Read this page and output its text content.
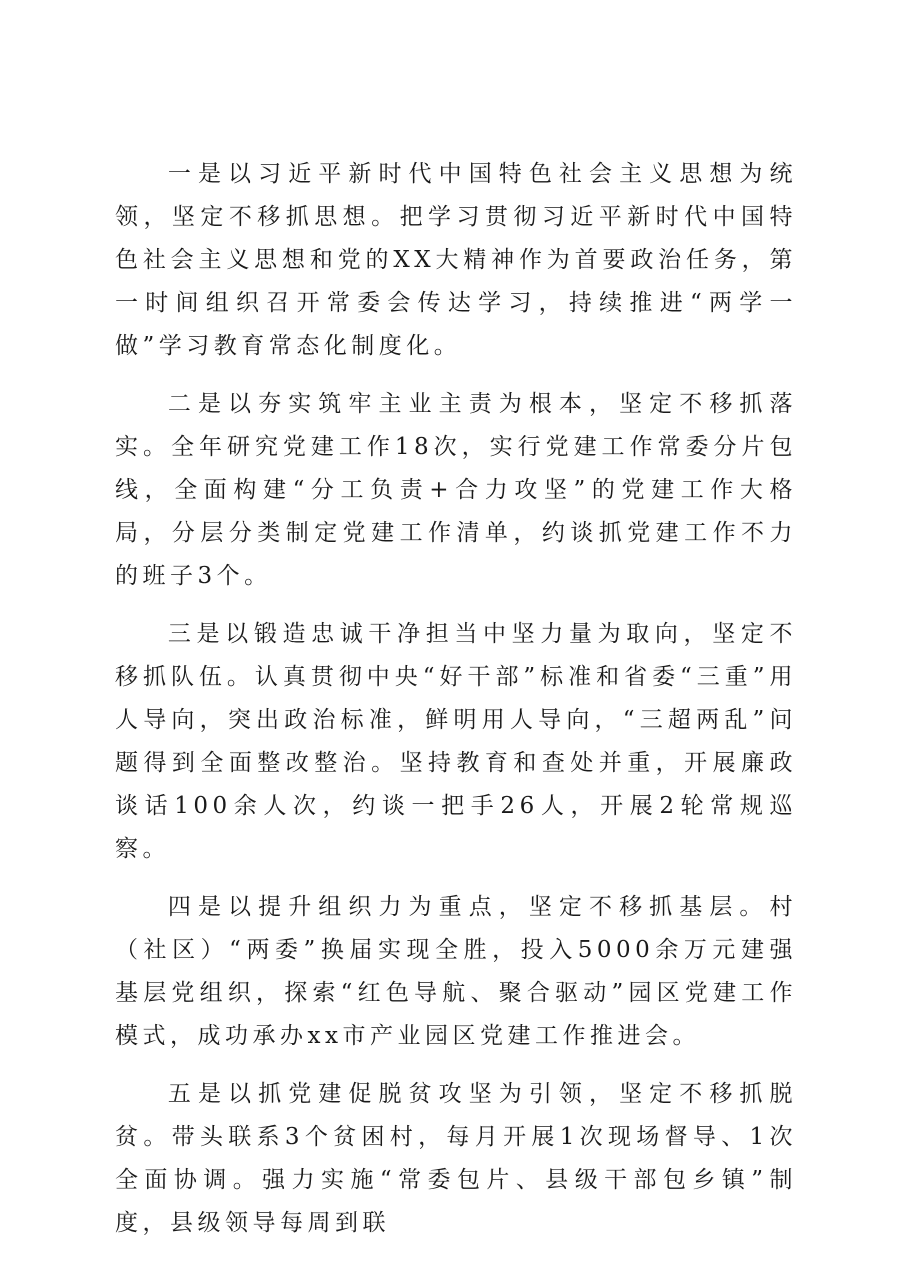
一是以习近平新时代中国特色社会主义思想为统领，坚定不移抓思想。把学习贯彻习近平新时代中国特色社会主义思想和党的XX大精神作为首要政治任务，第一时间组织召开常委会传达学习，持续推进“两学一做”学习教育常态化制度化。

二是以夯实筑牢主业主责为根本，坚定不移抓落实。全年研究党建工作18次，实行党建工作常委分片包线，全面构建“分工负责+合力攻坚”的党建工作大格局，分层分类制定党建工作清单，约谈抓党建工作不力的班子3个。

三是以锻造忠诚干净担当中坚力量为取向，坚定不移抓队伍。认真贯彻中央“好干部”标准和省委“三重”用人导向，突出政治标准，鲜明用人导向，“三超两乱”问题得到全面整改整治。坚持教育和查处并重，开展廉政谈话100余人次，约谈一把手26人，开展2轮常规巡察。

四是以提升组织力为重点，坚定不移抓基层。村（社区）“两委”换届实现全胜，投入5000余万元建强基层党组织，探索“红色导航、聚合驱动”园区党建工作模式，成功承办xx市产业园区党建工作推进会。

五是以抓党建促脱贫攻坚为引领，坚定不移抓脱贫。带头联系3个贫困村，每月开展1次现场督导、1次全面协调。强力实施“常委包片、县级干部包乡镇”制度，县级领导每周到联
